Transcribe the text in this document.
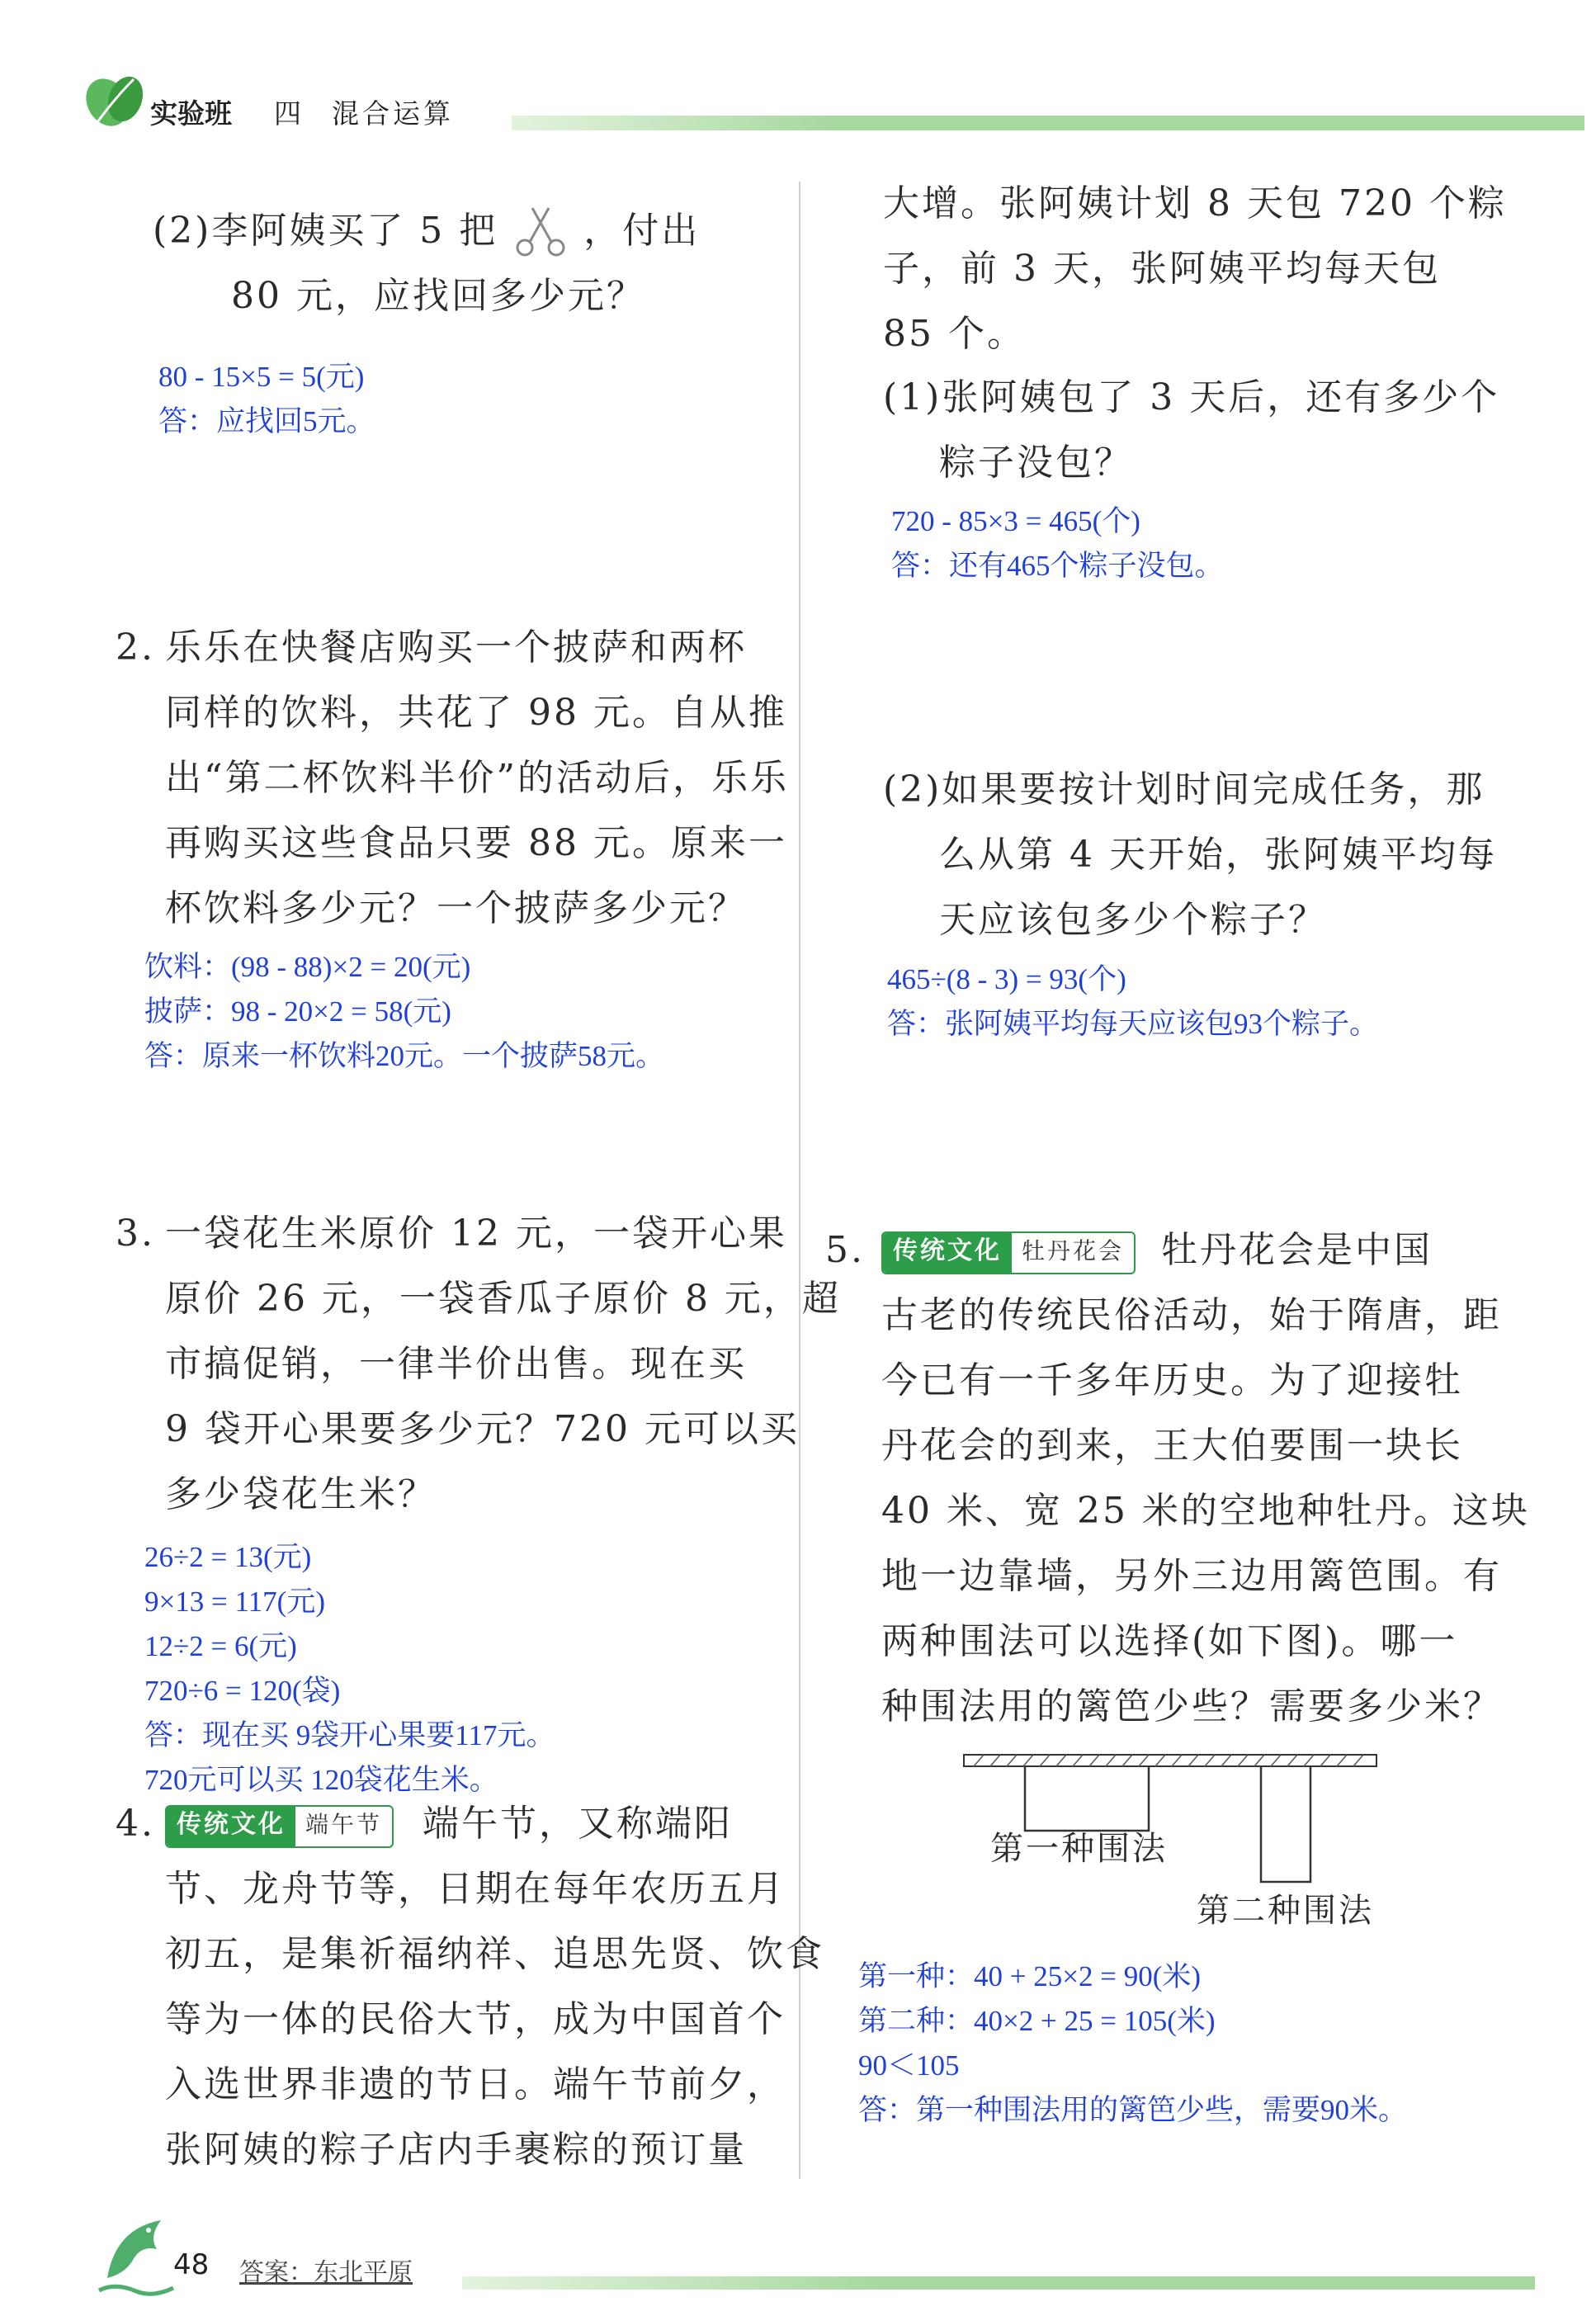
实验班 四 混合运算
(2)李阿姨买了 5 把 ，付出
80 元，应找回多少元？
80 - 15×5 = 5(元)
答：应找回5元。
2. 乐乐在快餐店购买一个披萨和两杯
同样的饮料，共花了 98 元。自从推
出“第二杯饮料半价”的活动后，乐乐
再购买这些食品只要 88 元。原来一
杯饮料多少元？一个披萨多少元？
饮料：(98 - 88)×2 = 20(元)
披萨：98 - 20×2 = 58(元)
答：原来一杯饮料20元。一个披萨58元。
3. 一袋花生米原价 12 元，一袋开心果
原价 26 元，一袋香瓜子原价 8 元，超
市搞促销，一律半价出售。现在买
9 袋开心果要多少元？720 元可以买
多少袋花生米？
26÷2 = 13(元)
9×13 = 117(元)
12÷2 = 6(元)
720÷6 = 120(袋)
答：现在买 9袋开心果要117元。
720元可以买 120袋花生米。
4. 传统文化 端午节 端午节，又称端阳
节、龙舟节等，日期在每年农历五月
初五，是集祈福纳祥、追思先贤、饮食
等为一体的民俗大节，成为中国首个
入选世界非遗的节日。端午节前夕，
张阿姨的粽子店内手裹粽的预订量
大增。张阿姨计划 8 天包 720 个粽
子，前 3 天，张阿姨平均每天包
85 个。
(1)张阿姨包了 3 天后，还有多少个
粽子没包？
720 - 85×3 = 465(个)
答：还有465个粽子没包。
(2)如果要按计划时间完成任务，那
么从第 4 天开始，张阿姨平均每
天应该包多少个粽子？
465÷(8 - 3) = 93(个)
答：张阿姨平均每天应该包93个粽子。
5.	传统文化 牡丹花会 牡丹花会是中国
古老的传统民俗活动，始于隋唐，距
今已有一千多年历史。为了迎接牡
丹花会的到来，王大伯要围一块长
40 米、宽 25 米的空地种牡丹。这块
地一边靠墙，另外三边用篱笆围。有
两种围法可以选择(如下图)。哪一
种围法用的篱笆少些？需要多少米？
第一种围法
第二种围法
第一种：40 + 25×2 = 90(米)
第二种：40×2 + 25 = 105(米)
90＜105
答：第一种围法用的篱笆少些，需要90米。
48 答案：东北平原
